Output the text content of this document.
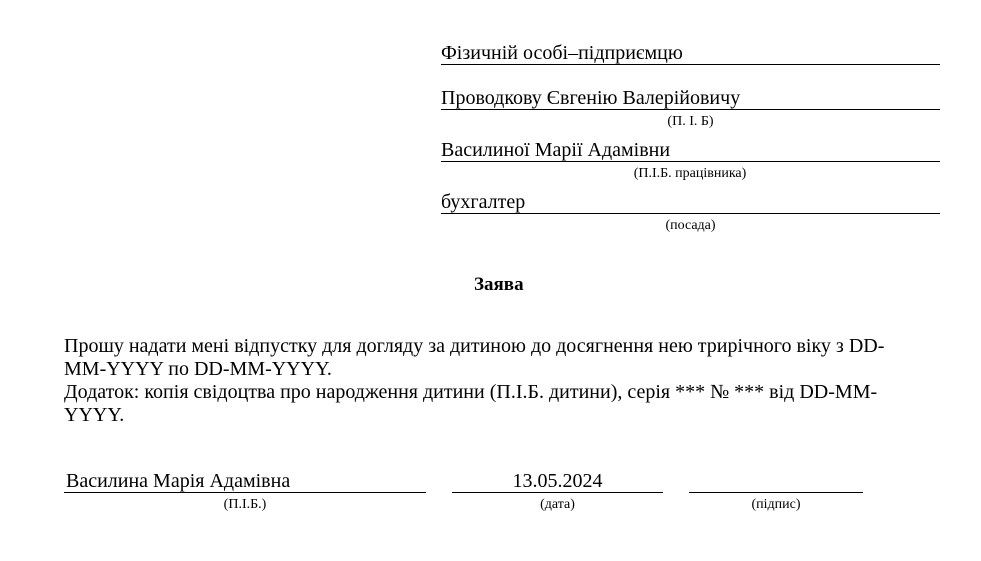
Фізичній особі–підприємцю
Проводкову Євгенію Валерійовичу
(П. І. Б)
Василиної Марії Адамівни
(П.І.Б. працівника)
бухгалтер
(посада)
Заява

Прошу надати мені відпустку для догляду за дитиною до досягнення нею трирічного віку з DD-MM-YYYY по DD-MM-YYYY.

Додаток: копія свідоцтва про народження дитини (П.І.Б. дитини), серія *** № *** від DD-MM-YYYY.

Василина Марія Адамівна
(П.І.Б.)
13.05.2024
(дата)	(підпис)
